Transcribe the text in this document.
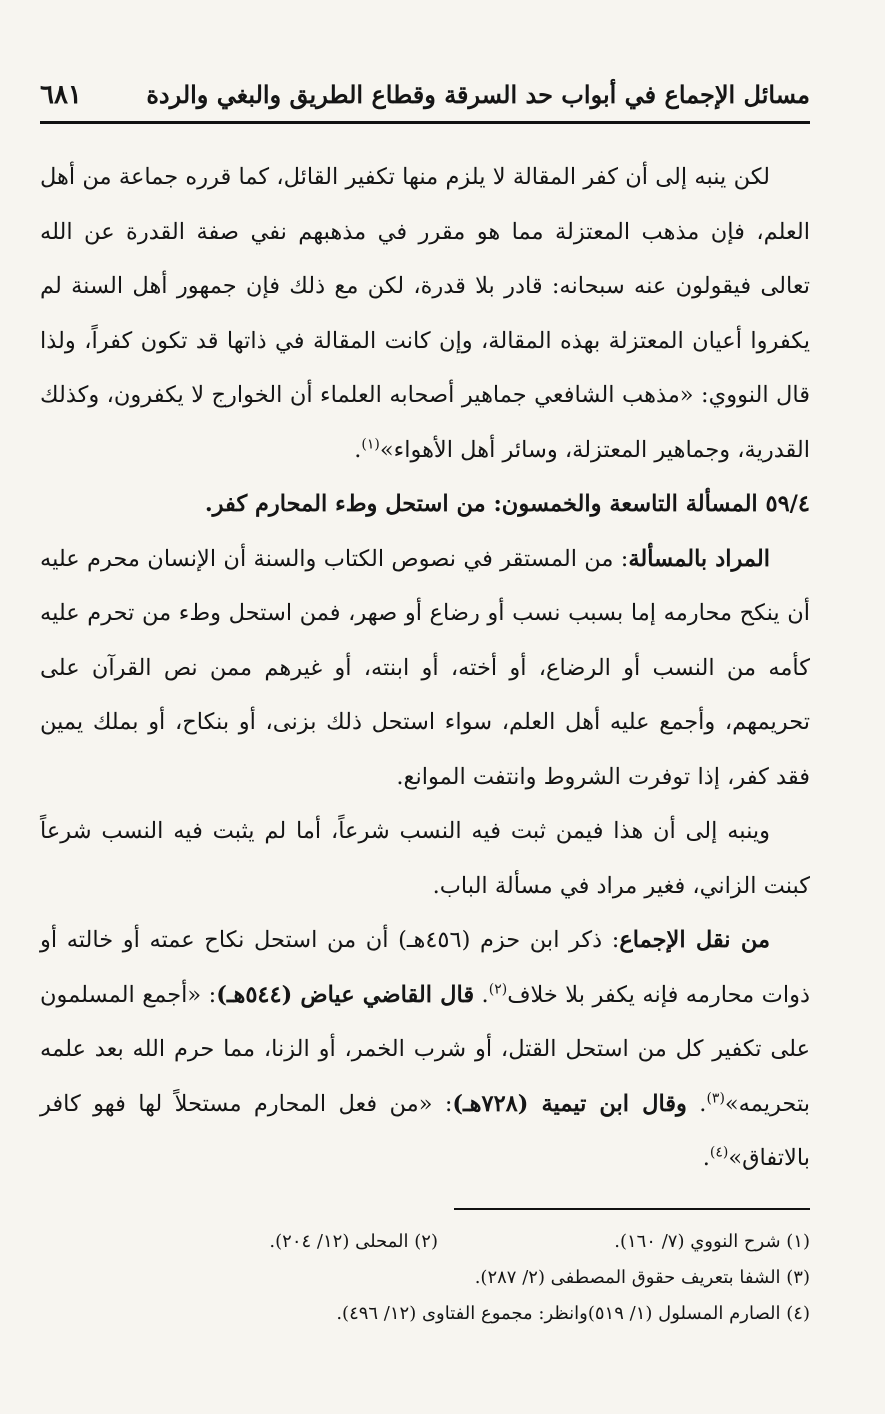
مسائل الإجماع في أبواب حد السرقة وقطاع الطريق والبغي والردة
٦٨١

لكن ينبه إلى أن كفر المقالة لا يلزم منها تكفير القائل، كما قرره جماعة من أهل العلم، فإن مذهب المعتزلة مما هو مقرر في مذهبهم نفي صفة القدرة عن الله تعالى فيقولون عنه سبحانه: قادر بلا قدرة، لكن مع ذلك فإن جمهور أهل السنة لم يكفروا أعيان المعتزلة بهذه المقالة، وإن كانت المقالة في ذاتها قد تكون كفراً، ولذا قال النووي: «مذهب الشافعي جماهير أصحابه العلماء أن الخوارج لا يكفرون، وكذلك القدرية، وجماهير المعتزلة، وسائر أهل الأهواء»$^{(١)}$.

٥٩/٤ المسألة التاسعة والخمسون: من استحل وطء المحارم كفر.

المراد بالمسألة: من المستقر في نصوص الكتاب والسنة أن الإنسان محرم عليه أن ينكح محارمه إما بسبب نسب أو رضاع أو صهر، فمن استحل وطء من تحرم عليه كأمه من النسب أو الرضاع، أو أخته، أو ابنته، أو غيرهم ممن نص القرآن على تحريمهم، وأجمع عليه أهل العلم، سواء استحل ذلك بزنى، أو بنكاح، أو بملك يمين فقد كفر، إذا توفرت الشروط وانتفت الموانع.

وينبه إلى أن هذا فيمن ثبت فيه النسب شرعاً، أما لم يثبت فيه النسب شرعاً كبنت الزاني، فغير مراد في مسألة الباب.

من نقل الإجماع: ذكر ابن حزم (٤٥٦هـ) أن من استحل نكاح عمته أو خالته أو ذوات محارمه فإنه يكفر بلا خلاف$^{(٢)}$. قال القاضي عياض (٥٤٤هـ): «أجمع المسلمون على تكفير كل من استحل القتل، أو شرب الخمر، أو الزنا، مما حرم الله بعد علمه بتحريمه»$^{(٣)}$. وقال ابن تيمية (٧٢٨هـ): «من فعل المحارم مستحلاً لها فهو كافر بالاتفاق»$^{(٤)}$.

(١) شرح النووي (٧/ ١٦٠).
(٢) المحلى (١٢/ ٢٠٤).
(٣) الشفا بتعريف حقوق المصطفى (٢/ ٢٨٧).
(٤) الصارم المسلول (١/ ٥١٩)وانظر: مجموع الفتاوى (١٢/ ٤٩٦).
